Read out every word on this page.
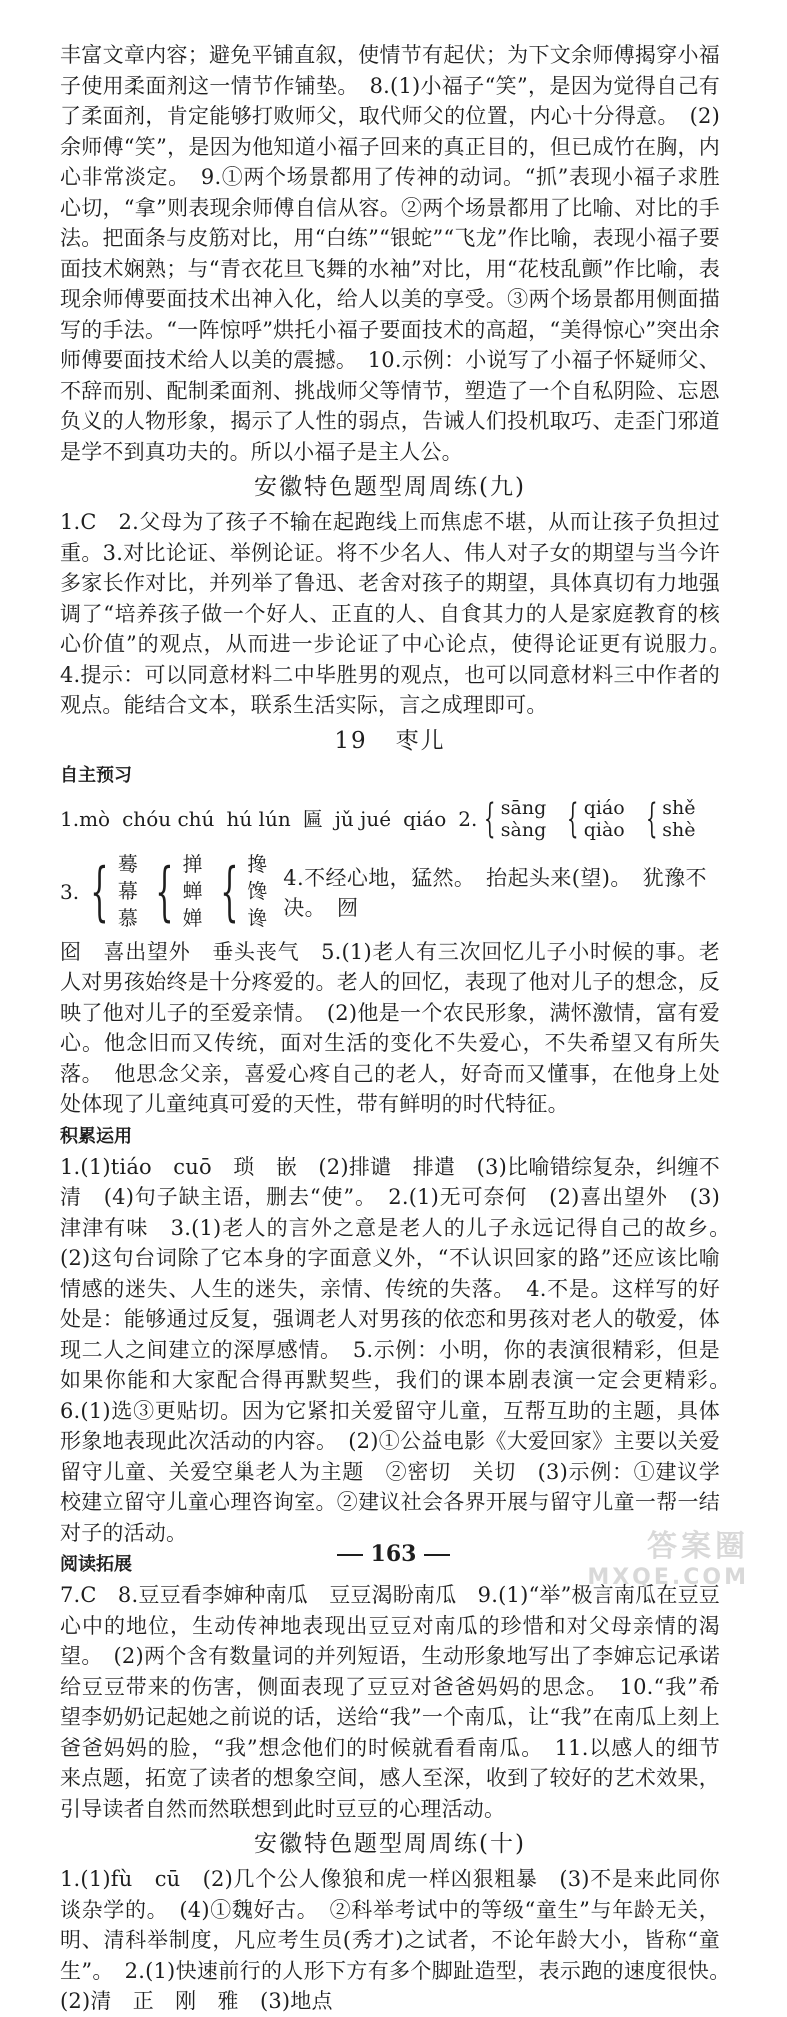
丰富文章内容；避免平铺直叙，使情节有起伏；为下文余师傅揭穿小福子使用柔面剂这一情节作铺垫。　8.(1)小福子“笑”，是因为觉得自己有了柔面剂，肯定能够打败师父，取代师父的位置，内心十分得意。　(2)余师傅“笑”，是因为他知道小福子回来的真正目的，但已成竹在胸，内心非常淡定。　9.①两个场景都用了传神的动词。“抓”表现小福子求胜心切，“拿”则表现余师傅自信从容。②两个场景都用了比喻、对比的手法。把面条与皮筋对比，用“白练”“银蛇”“飞龙”作比喻，表现小福子要面技术娴熟；与“青衣花旦飞舞的水袖”对比，用“花枝乱颤”作比喻，表现余师傅要面技术出神入化，给人以美的享受。③两个场景都用侧面描写的手法。“一阵惊呼”烘托小福子要面技术的高超，“美得惊心”突出余师傅要面技术给人以美的震撼。　10.示例：小说写了小福子怀疑师父、不辞而别、配制柔面剂、挑战师父等情节，塑造了一个自私阴险、忘恩负义的人物形象，揭示了人性的弱点，告诫人们投机取巧、走歪门邪道是学不到真功夫的。所以小福子是主人公。

安徽特色题型周周练(九)

1.C　2.父母为了孩子不输在起跑线上而焦虑不堪，从而让孩子负担过重。3.对比论证、举例论证。将不少名人、伟人对子女的期望与当今许多家长作对比，并列举了鲁迅、老舍对孩子的期望，具体真切有力地强调了“培养孩子做一个好人、正直的人、自食其力的人是家庭教育的核心价值”的观点，从而进一步论证了中心论点，使得论证更有说服力。　4.提示：可以同意材料二中毕胜男的观点，也可以同意材料三中作者的观点。能结合文本，联系生活实际，言之成理即可。

19 枣儿
自主预习
1. mò chóu chú hú lún 匾 jǔ jué qiáo 2. { sāng
sàng { qiáo
qiào { shě
shè
3. { 蓦
幕
慕 { 掸
蝉
婵 { 搀
馋
谗
4.不经心地，猛然。　抬起头来(望)。　犹豫不决。　囫

囵　喜出望外　垂头丧气　5.(1)老人有三次回忆儿子小时候的事。老人对男孩始终是十分疼爱的。老人的回忆，表现了他对儿子的想念，反映了他对儿子的至爱亲情。　(2)他是一个农民形象，满怀激情，富有爱心。他念旧而又传统，面对生活的变化不失爱心，不失希望又有所失落。　他思念父亲，喜爱心疼自己的老人，好奇而又懂事，在他身上处处体现了儿童纯真可爱的天性，带有鲜明的时代特征。

积累运用

1.(1)tiáo　cuō　琐　嵌　(2)排谴　排遣　(3)比喻错综复杂，纠缠不清　(4)句子缺主语，删去“使”。　2.(1)无可奈何　(2)喜出望外　(3)津津有味　3.(1)老人的言外之意是老人的儿子永远记得自己的故乡。　(2)这句台词除了它本身的字面意义外，“不认识回家的路”还应该比喻情感的迷失、人生的迷失，亲情、传统的失落。　4.不是。这样写的好处是：能够通过反复，强调老人对男孩的依恋和男孩对老人的敬爱，体现二人之间建立的深厚感情。　5.示例：小明，你的表演很精彩，但是如果你能和大家配合得再默契些，我们的课本剧表演一定会更精彩。　6.(1)选③更贴切。因为它紧扣关爱留守儿童，互帮互助的主题，具体形象地表现此次活动的内容。　(2)①公益电影《大爱回家》主要以关爱留守儿童、关爱空巢老人为主题　②密切　关切　(3)示例：①建议学校建立留守儿童心理咨询室。②建议社会各界开展与留守儿童一帮一结对子的活动。

阅读拓展

7.C　8.豆豆看李婶种南瓜　豆豆渴盼南瓜　9.(1)“举”极言南瓜在豆豆心中的地位，生动传神地表现出豆豆对南瓜的珍惜和对父母亲情的渴望。　(2)两个含有数量词的并列短语，生动形象地写出了李婶忘记承诺给豆豆带来的伤害，侧面表现了豆豆对爸爸妈妈的思念。　10.“我”希望李奶奶记起她之前说的话，送给“我”一个南瓜，让“我”在南瓜上刻上爸爸妈妈的脸，“我”想念他们的时候就看看南瓜。　11.以感人的细节来点题，拓宽了读者的想象空间，感人至深，收到了较好的艺术效果，引导读者自然而然联想到此时豆豆的心理活动。

安徽特色题型周周练(十)

1.(1)fù　cū　(2)几个公人像狼和虎一样凶狠粗暴　(3)不是来此同你谈杂学的。　(4)①魏好古。　②科举考试中的等级“童生”与年龄无关，明、清科举制度，凡应考生员(秀才)之试者，不论年龄大小，皆称“童生”。　2.(1)快速前行的人形下方有多个脚趾造型，表示跑的速度很快。　(2)清　正　刚　雅　(3)地点

163	答案圈
MXQE.COM
